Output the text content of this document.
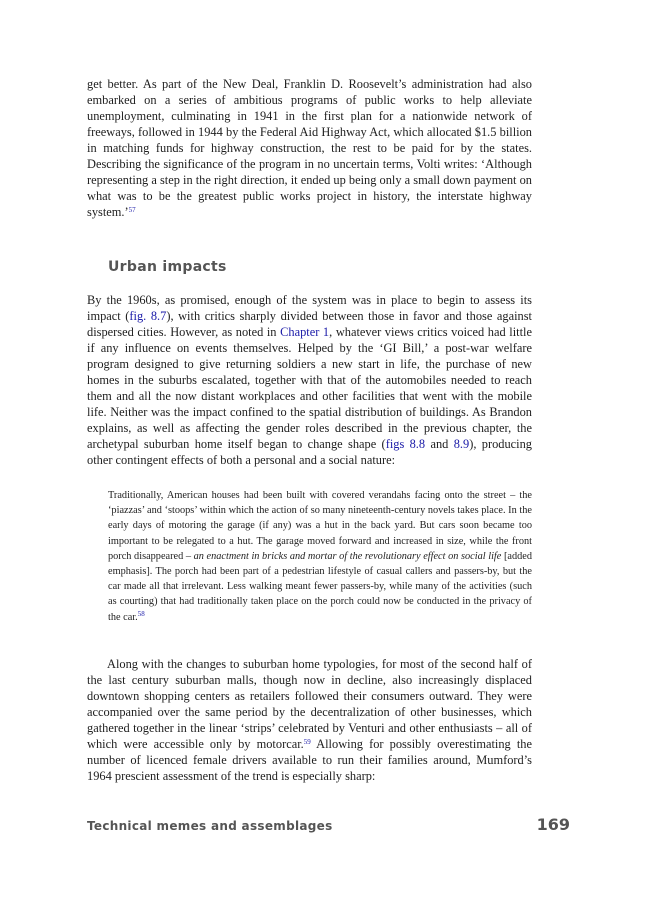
get better. As part of the New Deal, Franklin D. Roosevelt’s administration had also embarked on a series of ambitious programs of public works to help alleviate unemployment, culminating in 1941 in the first plan for a nationwide network of freeways, followed in 1944 by the Federal Aid Highway Act, which allocated $1.5 billion in matching funds for highway construction, the rest to be paid for by the states. Describing the significance of the program in no uncertain terms, Volti writes: ‘Although representing a step in the right direction, it ended up being only a small down payment on what was to be the greatest public works project in history, the interstate highway system.’$^{57}$

Urban impacts

By the 1960s, as promised, enough of the system was in place to begin to assess its impact (fig. 8.7), with critics sharply divided between those in favor and those against dispersed cities. However, as noted in Chapter 1, whatever views critics voiced had little if any influence on events themselves. Helped by the ‘GI Bill,’ a post-war welfare program designed to give returning soldiers a new start in life, the purchase of new homes in the suburbs escalated, together with that of the automobiles needed to reach them and all the now distant workplaces and other facilities that went with the mobile life. Neither was the impact confined to the spatial distribution of buildings. As Brandon explains, as well as affecting the gender roles described in the previous chapter, the archetypal suburban home itself began to change shape (figs 8.8 and 8.9), producing other contingent effects of both a personal and a social nature:

Traditionally, American houses had been built with covered verandahs facing onto the street – the ‘piazzas’ and ‘stoops’ within which the action of so many nineteenth-century novels takes place. In the early days of motoring the garage (if any) was a hut in the back yard. But cars soon became too important to be relegated to a hut. The garage moved forward and increased in size, while the front porch disappeared – an enactment in bricks and mortar of the revolutionary effect on social life [added emphasis]. The porch had been part of a pedestrian lifestyle of casual callers and passers-by, but the car made all that irrelevant. Less walking meant fewer passers-by, while many of the activities (such as courting) that had traditionally taken place on the porch could now be conducted in the privacy of the car.$^{58}$

Along with the changes to suburban home typologies, for most of the second half of the last century suburban malls, though now in decline, also increasingly displaced downtown shopping centers as retailers followed their consumers outward. They were accompanied over the same period by the decentralization of other businesses, which gathered together in the linear ‘strips’ celebrated by Venturi and other enthusiasts – all of which were accessible only by motorcar.$^{59}$ Allowing for possibly overestimating the number of licenced female drivers available to run their families around, Mumford’s 1964 prescient assessment of the trend is especially sharp:

Technical memes and assemblages	169
